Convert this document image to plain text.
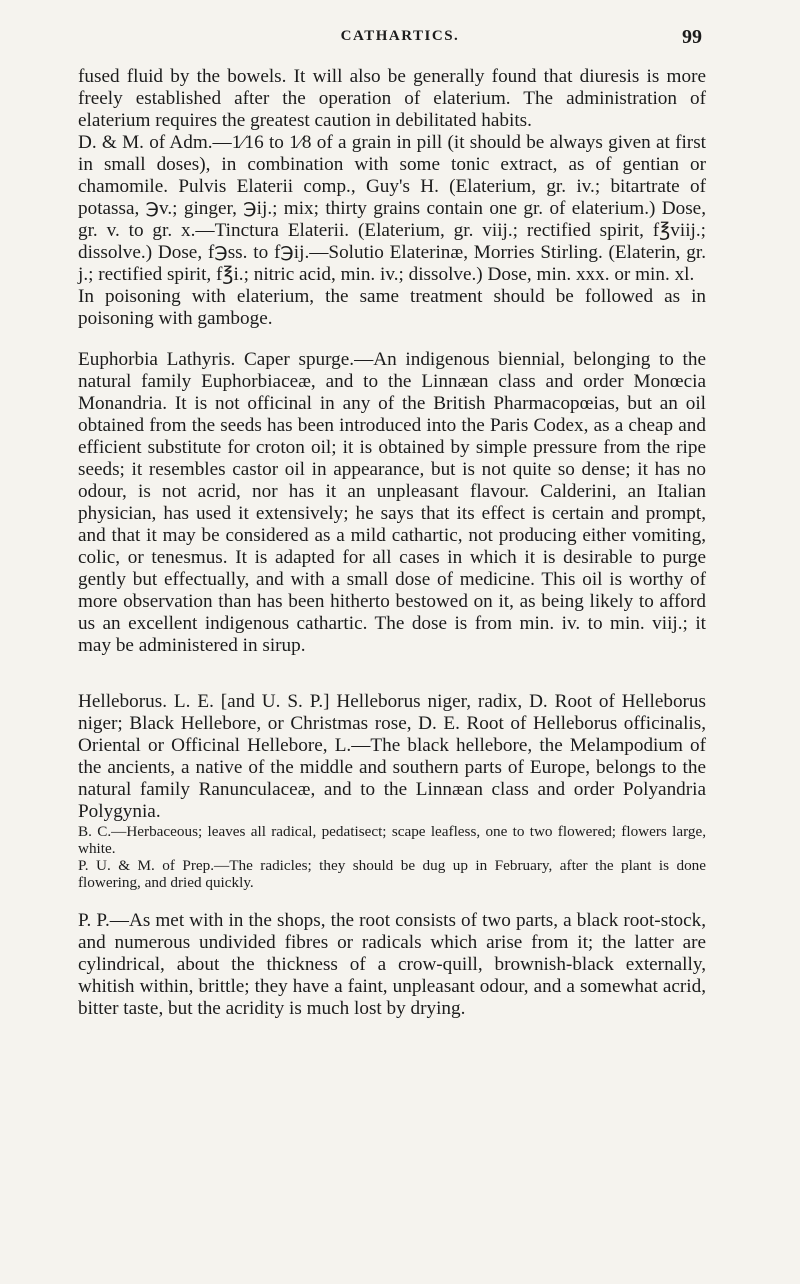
CATHARTICS.	99

fused fluid by the bowels. It will also be generally found that diuresis is more freely established after the operation of elaterium. The administration of elaterium requires the greatest caution in debilitated habits.

D. & M. of Adm.—1⁄16 to 1⁄8 of a grain in pill (it should be always given at first in small doses), in combination with some tonic extract, as of gentian or chamomile. Pulvis Elaterii comp., Guy's H. (Elaterium, gr. iv.; bitartrate of potassa, ℈v.; ginger, ℈ij.; mix; thirty grains contain one gr. of elaterium.) Dose, gr. v. to gr. x.—Tinctura Elaterii. (Elaterium, gr. viij.; rectified spirit, f℥viij.; dissolve.) Dose, f℈ss. to f℈ij.—Solutio Elaterinæ, Morries Stirling. (Elaterin, gr. j.; rectified spirit, f℥i.; nitric acid, min. iv.; dissolve.) Dose, min. xxx. or min. xl.

In poisoning with elaterium, the same treatment should be followed as in poisoning with gamboge.

Euphorbia Lathyris. Caper spurge.—An indigenous biennial, belonging to the natural family Euphorbiaceæ, and to the Linnæan class and order Monœcia Monandria. It is not officinal in any of the British Pharmacopœias, but an oil obtained from the seeds has been introduced into the Paris Codex, as a cheap and efficient substitute for croton oil; it is obtained by simple pressure from the ripe seeds; it resembles castor oil in appearance, but is not quite so dense; it has no odour, is not acrid, nor has it an unpleasant flavour. Calderini, an Italian physician, has used it extensively; he says that its effect is certain and prompt, and that it may be considered as a mild cathartic, not producing either vomiting, colic, or tenesmus. It is adapted for all cases in which it is desirable to purge gently but effectually, and with a small dose of medicine. This oil is worthy of more observation than has been hitherto bestowed on it, as being likely to afford us an excellent indigenous cathartic. The dose is from min. iv. to min. viij.; it may be administered in sirup.

Helleborus. L. E. [and U. S. P.] Helleborus niger, radix, D. Root of Helleborus niger; Black Hellebore, or Christmas rose, D. E. Root of Helleborus officinalis, Oriental or Officinal Hellebore, L.—The black hellebore, the Melampodium of the ancients, a native of the middle and southern parts of Europe, belongs to the natural family Ranunculaceæ, and to the Linnæan class and order Polyandria Polygynia.

B. C.—Herbaceous; leaves all radical, pedatisect; scape leafless, one to two flowered; flowers large, white.

P. U. & M. of Prep.—The radicles; they should be dug up in February, after the plant is done flowering, and dried quickly.

P. P.—As met with in the shops, the root consists of two parts, a black root-stock, and numerous undivided fibres or radicals which arise from it; the latter are cylindrical, about the thickness of a crow-quill, brownish-black externally, whitish within, brittle; they have a faint, unpleasant odour, and a somewhat acrid, bitter taste, but the acridity is much lost by drying.
